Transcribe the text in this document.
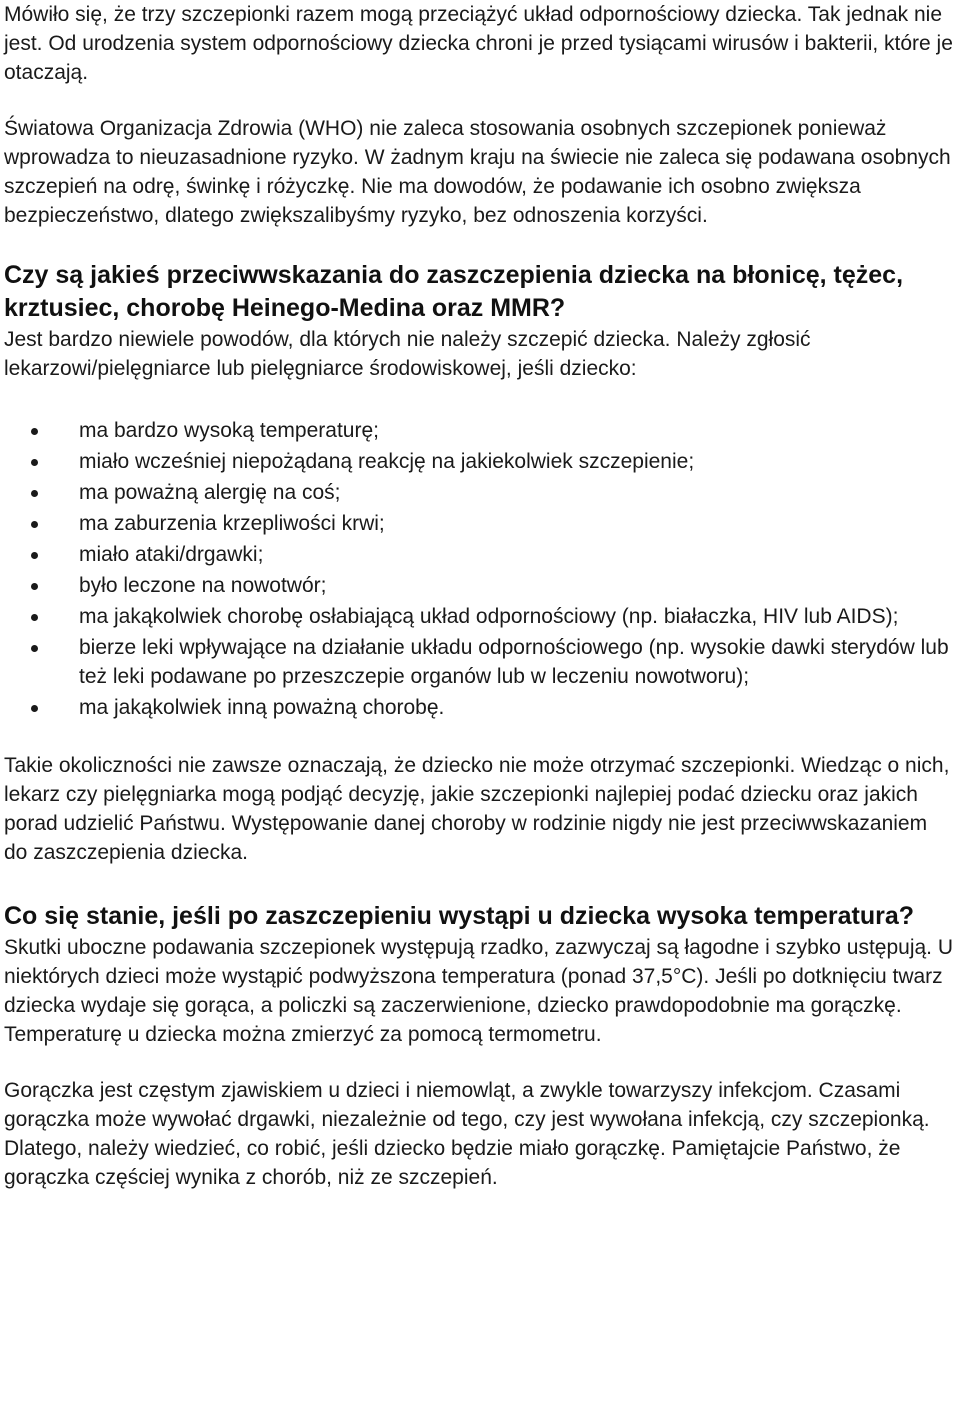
Mówiło się, że trzy szczepionki razem mogą przeciążyć układ odpornościowy dziecka. Tak jednak nie jest. Od urodzenia system odpornościowy dziecka chroni je przed tysiącami wirusów i bakterii, które je otaczają.

Światowa Organizacja Zdrowia (WHO) nie zaleca stosowania osobnych szczepionek ponieważ wprowadza to nieuzasadnione ryzyko. W żadnym kraju na świecie nie zaleca się podawana osobnych szczepień na odrę, świnkę i różyczkę. Nie ma dowodów, że podawanie ich osobno zwiększa bezpieczeństwo, dlatego zwiększalibyśmy ryzyko, bez odnoszenia korzyści.

Czy są jakieś przeciwwskazania do zaszczepienia dziecka na błonicę, tężec, krztusiec, chorobę Heinego-Medina oraz MMR?

Jest bardzo niewiele powodów, dla których nie należy szczepić dziecka. Należy zgłosić lekarzowi/pielęgniarce lub pielęgniarce środowiskowej, jeśli dziecko:

ma bardzo wysoką temperaturę;
miało wcześniej niepożądaną reakcję na jakiekolwiek szczepienie;
ma poważną alergię na coś;
ma zaburzenia krzepliwości krwi;
miało ataki/drgawki;
było leczone na nowotwór;
ma jakąkolwiek chorobę osłabiającą układ odpornościowy (np. białaczka, HIV lub AIDS);
bierze leki wpływające na działanie układu odpornościowego (np. wysokie dawki sterydów lub też leki podawane po przeszczepie organów lub w leczeniu nowotworu);
ma jakąkolwiek inną poważną chorobę.

Takie okoliczności nie zawsze oznaczają, że dziecko nie może otrzymać szczepionki. Wiedząc o nich, lekarz czy pielęgniarka mogą podjąć decyzję, jakie szczepionki najlepiej podać dziecku oraz jakich porad udzielić Państwu. Występowanie danej choroby w rodzinie nigdy nie jest przeciwwskazaniem do zaszczepienia dziecka.

Co się stanie, jeśli po zaszczepieniu wystąpi u dziecka wysoka temperatura?

Skutki uboczne podawania szczepionek występują rzadko, zazwyczaj są łagodne i szybko ustępują. U niektórych dzieci może wystąpić podwyższona temperatura (ponad 37,5°C). Jeśli po dotknięciu twarz dziecka wydaje się gorąca, a policzki są zaczerwienione, dziecko prawdopodobnie ma gorączkę. Temperaturę u dziecka można zmierzyć za pomocą termometru.

Gorączka jest częstym zjawiskiem u dzieci i niemowląt, a zwykle towarzyszy infekcjom. Czasami gorączka może wywołać drgawki, niezależnie od tego, czy jest wywołana infekcją, czy szczepionką. Dlatego, należy wiedzieć, co robić, jeśli dziecko będzie miało gorączkę. Pamiętajcie Państwo, że gorączka częściej wynika z chorób, niż ze szczepień.
